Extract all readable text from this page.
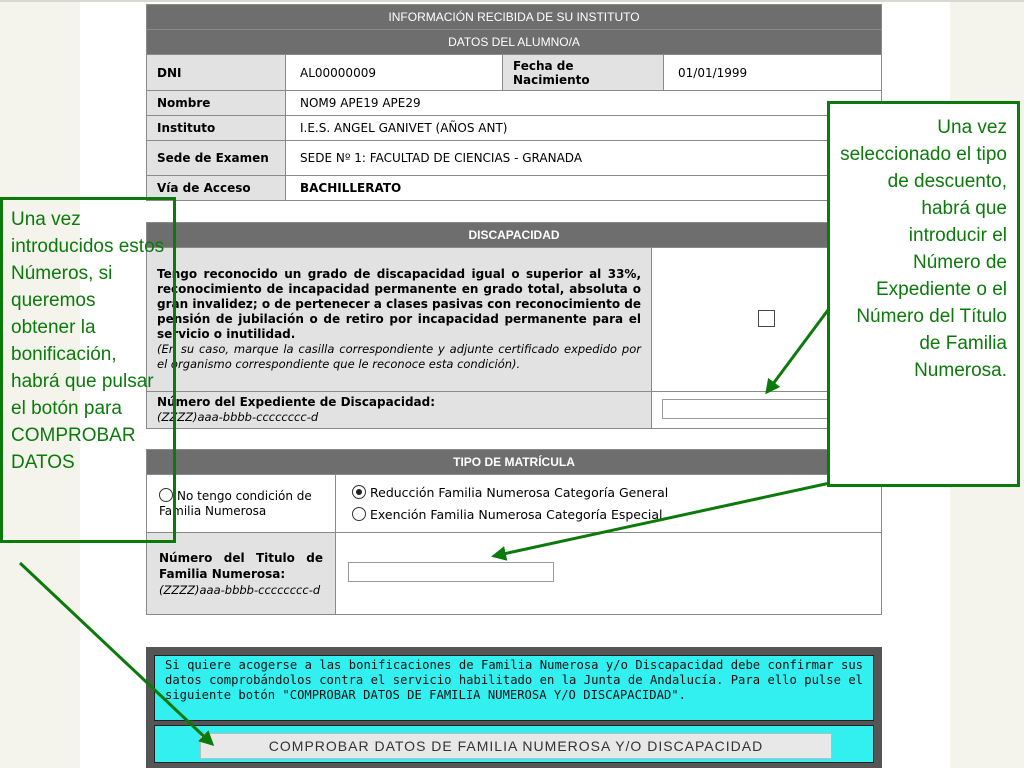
INFORMACIÓN RECIBIDA DE SU INSTITUTO			
DATOS DEL ALUMNO/A			
DNI	AL00000009	Fecha de Nacimiento	01/01/1999
Nombre	NOM9 APE19 APE29		
Instituto	I.E.S. ANGEL GANIVET (AÑOS ANT)		
Sede de Examen	SEDE Nº 1: FACULTAD DE CIENCIAS - GRANADA		
Vía de Acceso	BACHILLERATO		
DISCAPACIDAD	
Tengo reconocido un grado de discapacidad igual o superior al 33%, reconocimiento de incapacidad permanente en grado total, absoluta o gran invalidez; o de pertenecer a clases pasivas con reconocimiento de pensión de jubilación o de retiro por incapacidad permanente para el servicio o inutilidad.
(En su caso, marque la casilla correspondiente y adjunte certificado expedido por el organismo correspondiente que le reconoce esta condición).	

Número del Expediente de Discapacidad:
(ZZZZ)aaa-bbbb-cccccccc-d	

TIPO DE MATRÍCULA	
No tengo condición de Familia Numerosa	Reducción Familia Numerosa Categoría General
Exención Familia Numerosa Categoría Especial

Número del Titulo de Familia Numerosa:
(ZZZZ)aaa-bbbb-cccccccc-d	

Si quiere acogerse a las bonificaciones de Familia Numerosa y/o Discapacidad debe confirmar sus datos comprobándolos contra el servicio habilitado en la Junta de Andalucía. Para ello pulse el siguiente botón "COMPROBAR DATOS DE FAMILIA NUMEROSA Y/O DISCAPACIDAD".
COMPROBAR DATOS DE FAMILIA NUMEROSA Y/O DISCAPACIDAD
Una vez introducidos estos Números, si queremos obtener la bonificación, habrá que pulsar el botón para COMPROBAR DATOS
Una vez seleccionado el tipo de descuento, habrá que introducir el Número de Expediente o el Número del Título de Familia Numerosa.
